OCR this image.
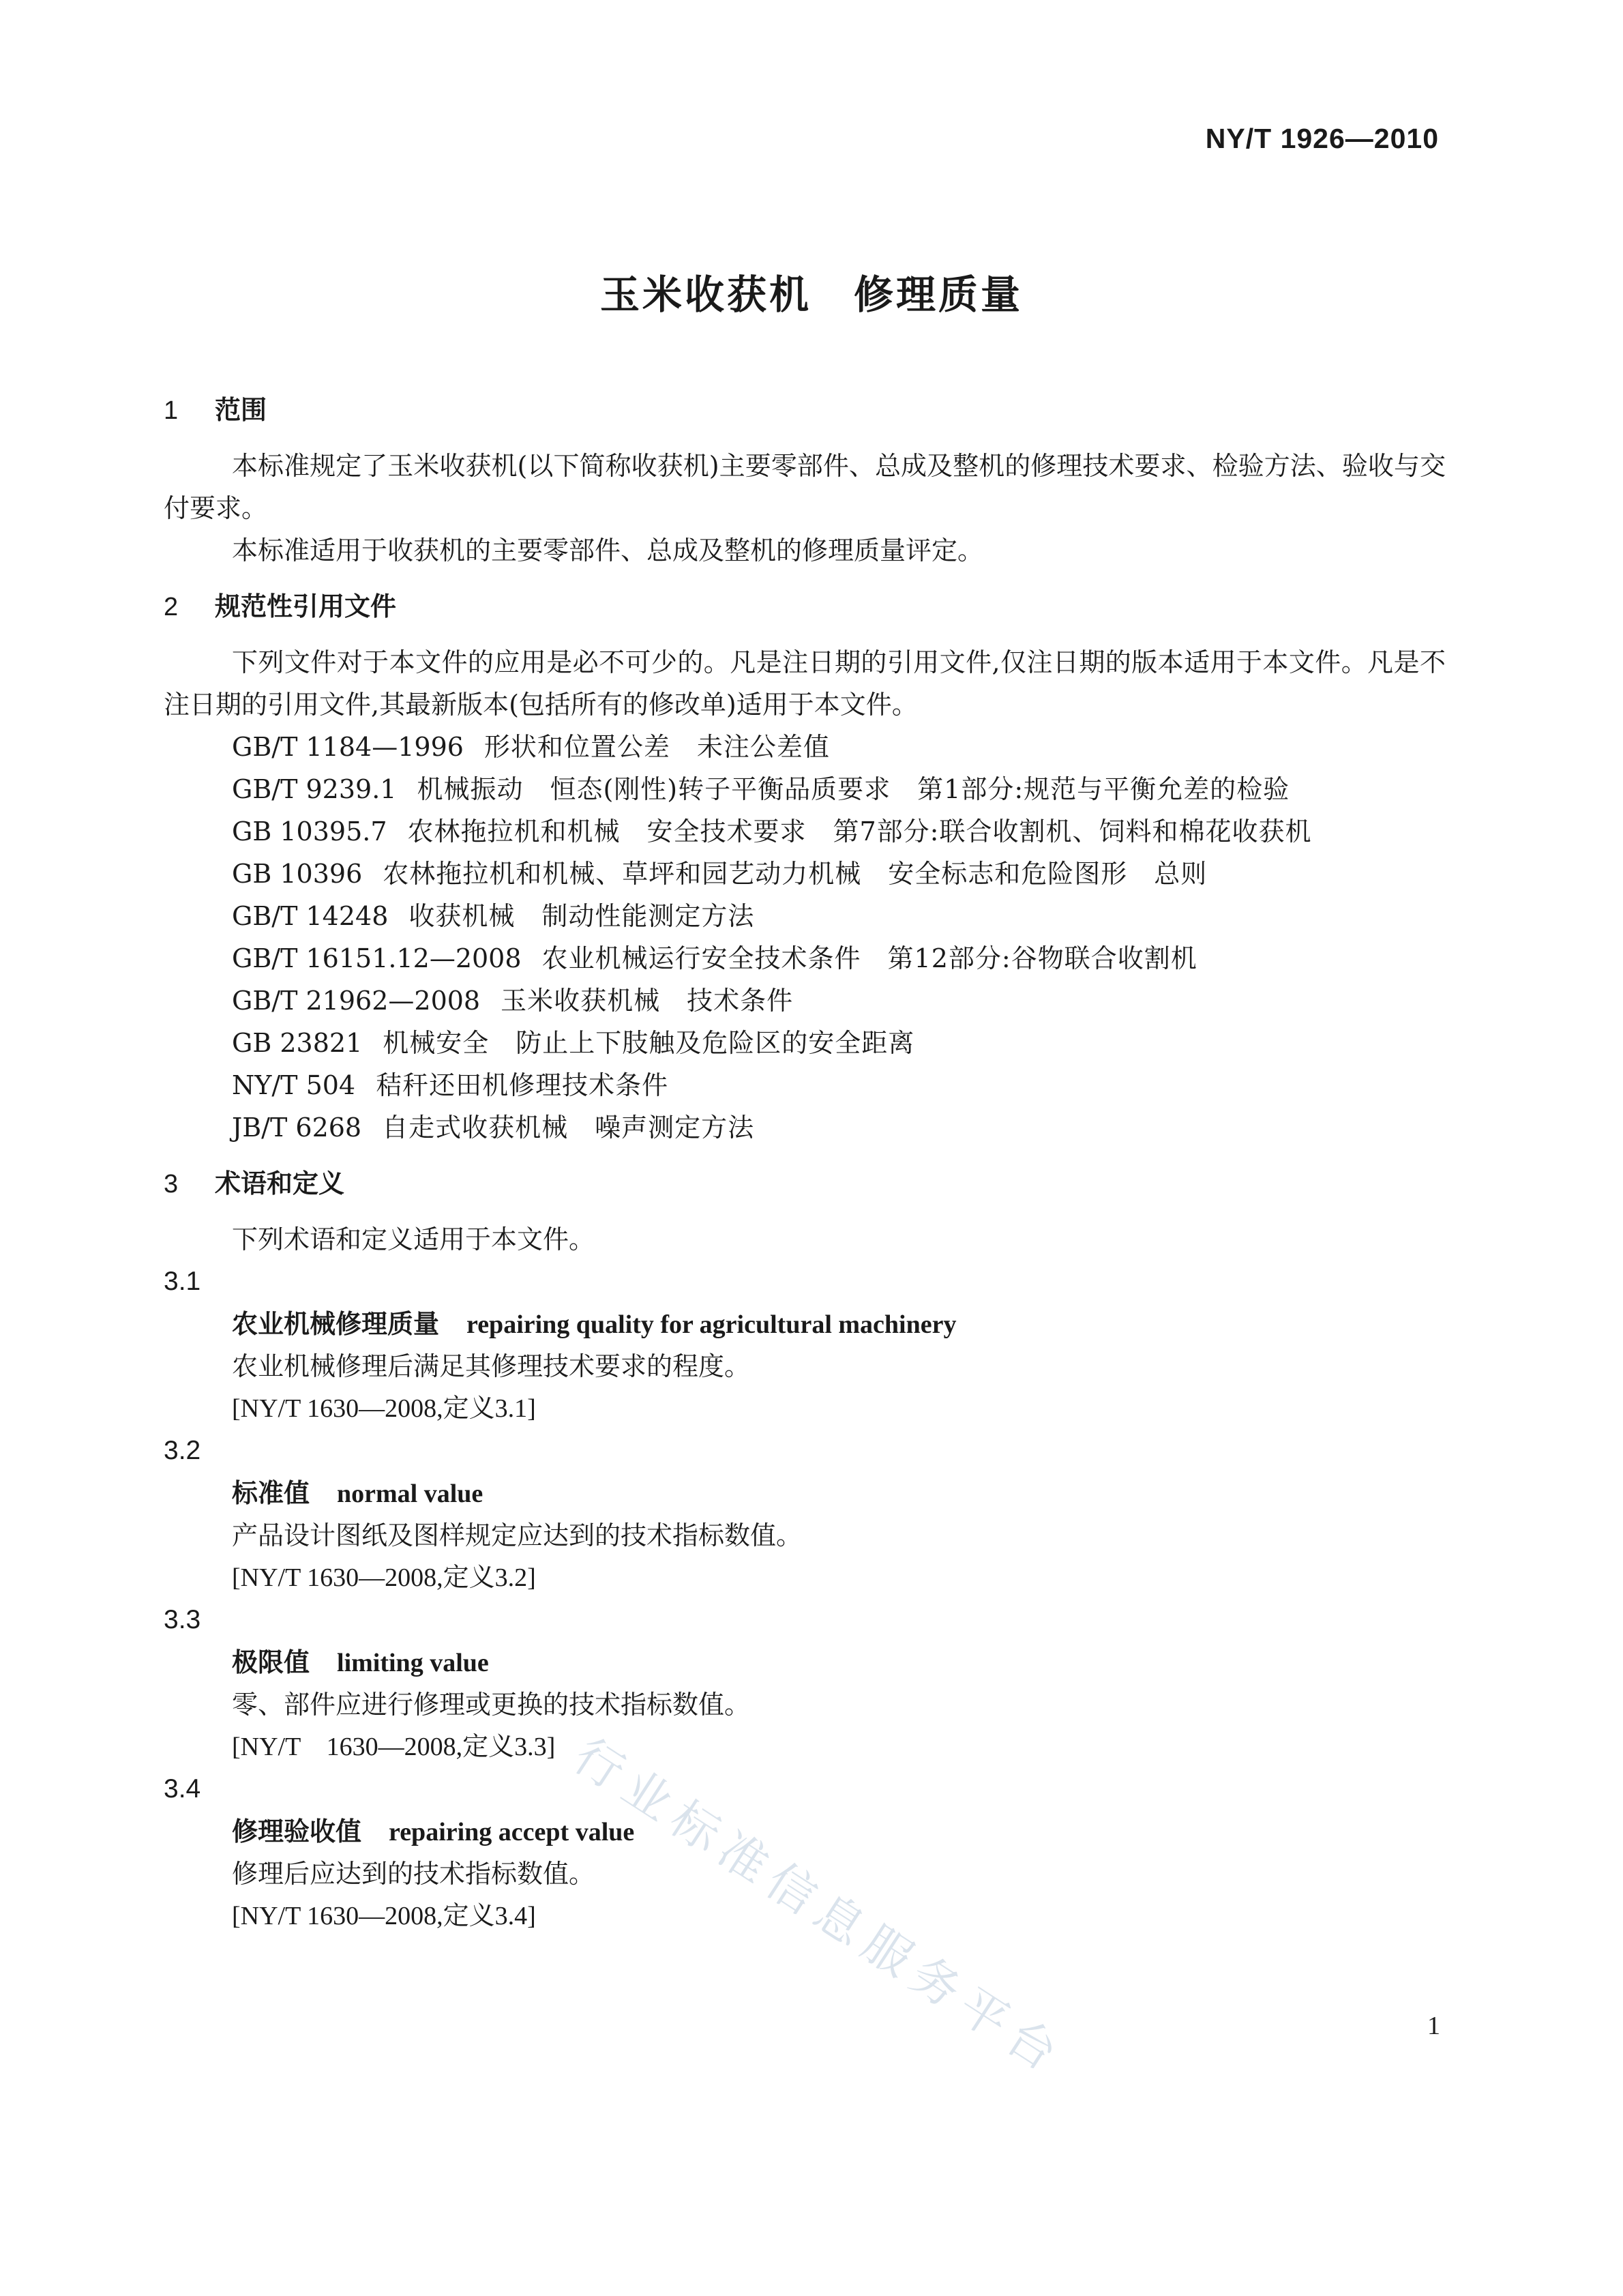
NY/T 1926—2010
玉米收获机　修理质量
1 范围

本标准规定了玉米收获机(以下简称收获机)主要零部件、总成及整机的修理技术要求、检验方法、验收与交付要求。

本标准适用于收获机的主要零部件、总成及整机的修理质量评定。

2 规范性引用文件

下列文件对于本文件的应用是必不可少的。凡是注日期的引用文件,仅注日期的版本适用于本文件。凡是不注日期的引用文件,其最新版本(包括所有的修改单)适用于本文件。

GB/T 1184—1996 形状和位置公差　未注公差值
GB/T 9239.1 机械振动　恒态(刚性)转子平衡品质要求　第1部分:规范与平衡允差的检验
GB 10395.7 农林拖拉机和机械　安全技术要求　第7部分:联合收割机、饲料和棉花收获机
GB 10396 农林拖拉机和机械、草坪和园艺动力机械　安全标志和危险图形　总则
GB/T 14248 收获机械　制动性能测定方法
GB/T 16151.12—2008 农业机械运行安全技术条件　第12部分:谷物联合收割机
GB/T 21962—2008 玉米收获机械　技术条件
GB 23821 机械安全　防止上下肢触及危险区的安全距离
NY/T 504 秸秆还田机修理技术条件
JB/T 6268 自走式收获机械　噪声测定方法
3 术语和定义

下列术语和定义适用于本文件。

3.1

农业机械修理质量 repairing quality for agricultural machinery

农业机械修理后满足其修理技术要求的程度。

[NY/T 1630—2008,定义3.1]

3.2

标准值 normal value

产品设计图纸及图样规定应达到的技术指标数值。

[NY/T 1630—2008,定义3.2]

3.3

极限值 limiting value

零、部件应进行修理或更换的技术指标数值。

[NY/T　1630—2008,定义3.3]

3.4

修理验收值 repairing accept value

修理后应达到的技术指标数值。

[NY/T 1630—2008,定义3.4] 行业标准信息服务平台	1
